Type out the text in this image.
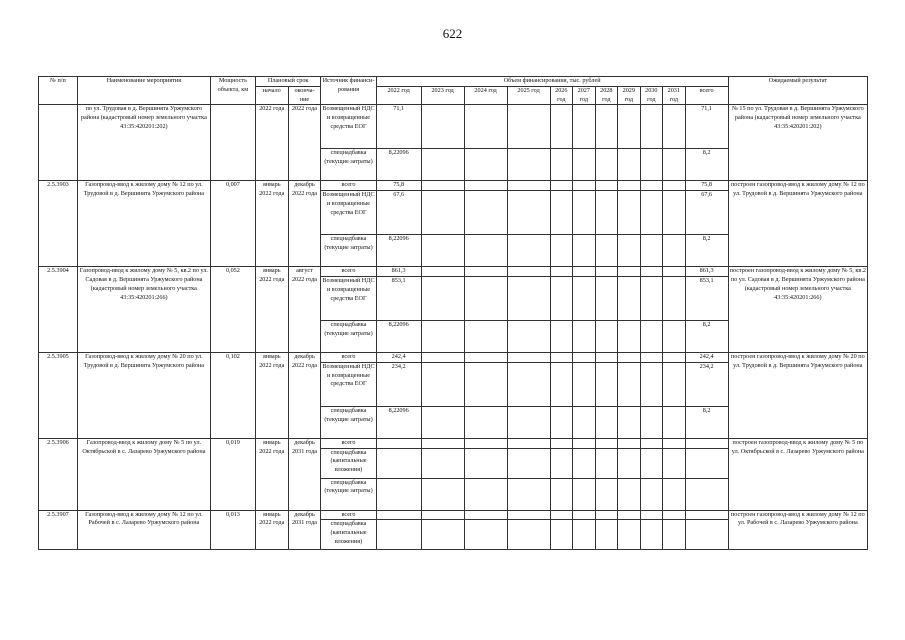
622
№ п/п	Наименование мероприятия	Мощность объекта, км	Плановый срок		Источник финанси- рования	Объем финансирования, тыс. рублей											Ожидаемый результат
			начало	оконча- ние		2022 год	2023 год	2024 год	2025 год	2026 год	2027 год	2028 год	2029 год	2030 год	2031 год	всего	
	по ул. Трудовая в д. Вершинята Уржумского района (кадастровый номер земельного участка 43:35:420201:202)		2022 года	2022 года	Возмещенный НДС и возвращенные средства ЕОГ	71,1										71,1	№ 15 по ул. Трудовая в д. Вершинята Уржумского района (кадастровый номер земельного участка 43:35:420201:202)
					спецнадбавка (текущие затраты)	8,22096										8,2	
2.5.3903	Газопровод-ввод к жилому дому № 12 по ул. Трудовой в д. Вершинята Уржумского района	0,007	январь 2022 года	декабрь 2022 года	всего	75,8										75,8	построен газопровод-ввод к жилому дому № 12 по ул. Трудовой в д. Вершинята Уржумского района
					Возмещенный НДС и возвращенные средства ЕОГ	67,6										67,6	
					спецнадбавка (текущие затраты)	8,22096										8,2	
2.5.3904	Газопровод-ввод к жилому дому № 5, кв.2 по ул. Садовая в д. Вершинята Уржумского района (кадастровый номер земельного участка 43:35:420201:266)	0,052	январь 2022 года	август 2022 года	всего	861,3										861,3	построен газопровод-ввод к жилому дому № 5, кв.2 по ул. Садовая в д. Вершинята Уржумского района (кадастровый номер земельного участка 43:35:420201:266)
					Возмещенный НДС и возвращенные средства ЕОГ	853,1										853,1	
					спецнадбавка (текущие затраты)	8,22096										8,2	
2.5.3905	Газопровод-ввод к жилому дому № 20 по ул. Трудовой в д. Вершинята Уржумского района	0,102	январь 2022 года	декабрь 2022 года	всего	242,4										242,4	построен газопровод-ввод к жилому дому № 20 по ул. Трудовой в д. Вершинята Уржумского района
					Возмещенный НДС и возвращенные средства ЕОГ	234,2										234,2	
					спецнадбавка (текущие затраты)	8,22096										8,2	
2.5.3906	Газопровод-ввод к жилому дому № 5 по ул. Октябрьской в с. Лазарево Уржумского района	0,019	январь 2022 года	декабрь 2031 года	всего												построен газопровод-ввод к жилому дому № 5 по ул. Октябрьской в с. Лазарево Уржумского района
					спецнадбавка (капитальные вложения)												
					спецнадбавка (текущие затраты)												
2.5.3907	Газопровод-ввод к жилому дому № 12 по ул. Рабочей в с. Лазарево Уржумского района	0,013	январь 2022 года	декабрь 2031 года	всего												построен газопровод-ввод к жилому дому № 12 по ул. Рабочей в с. Лазарево Уржумского района
					спецнадбавка (капитальные вложения)												
